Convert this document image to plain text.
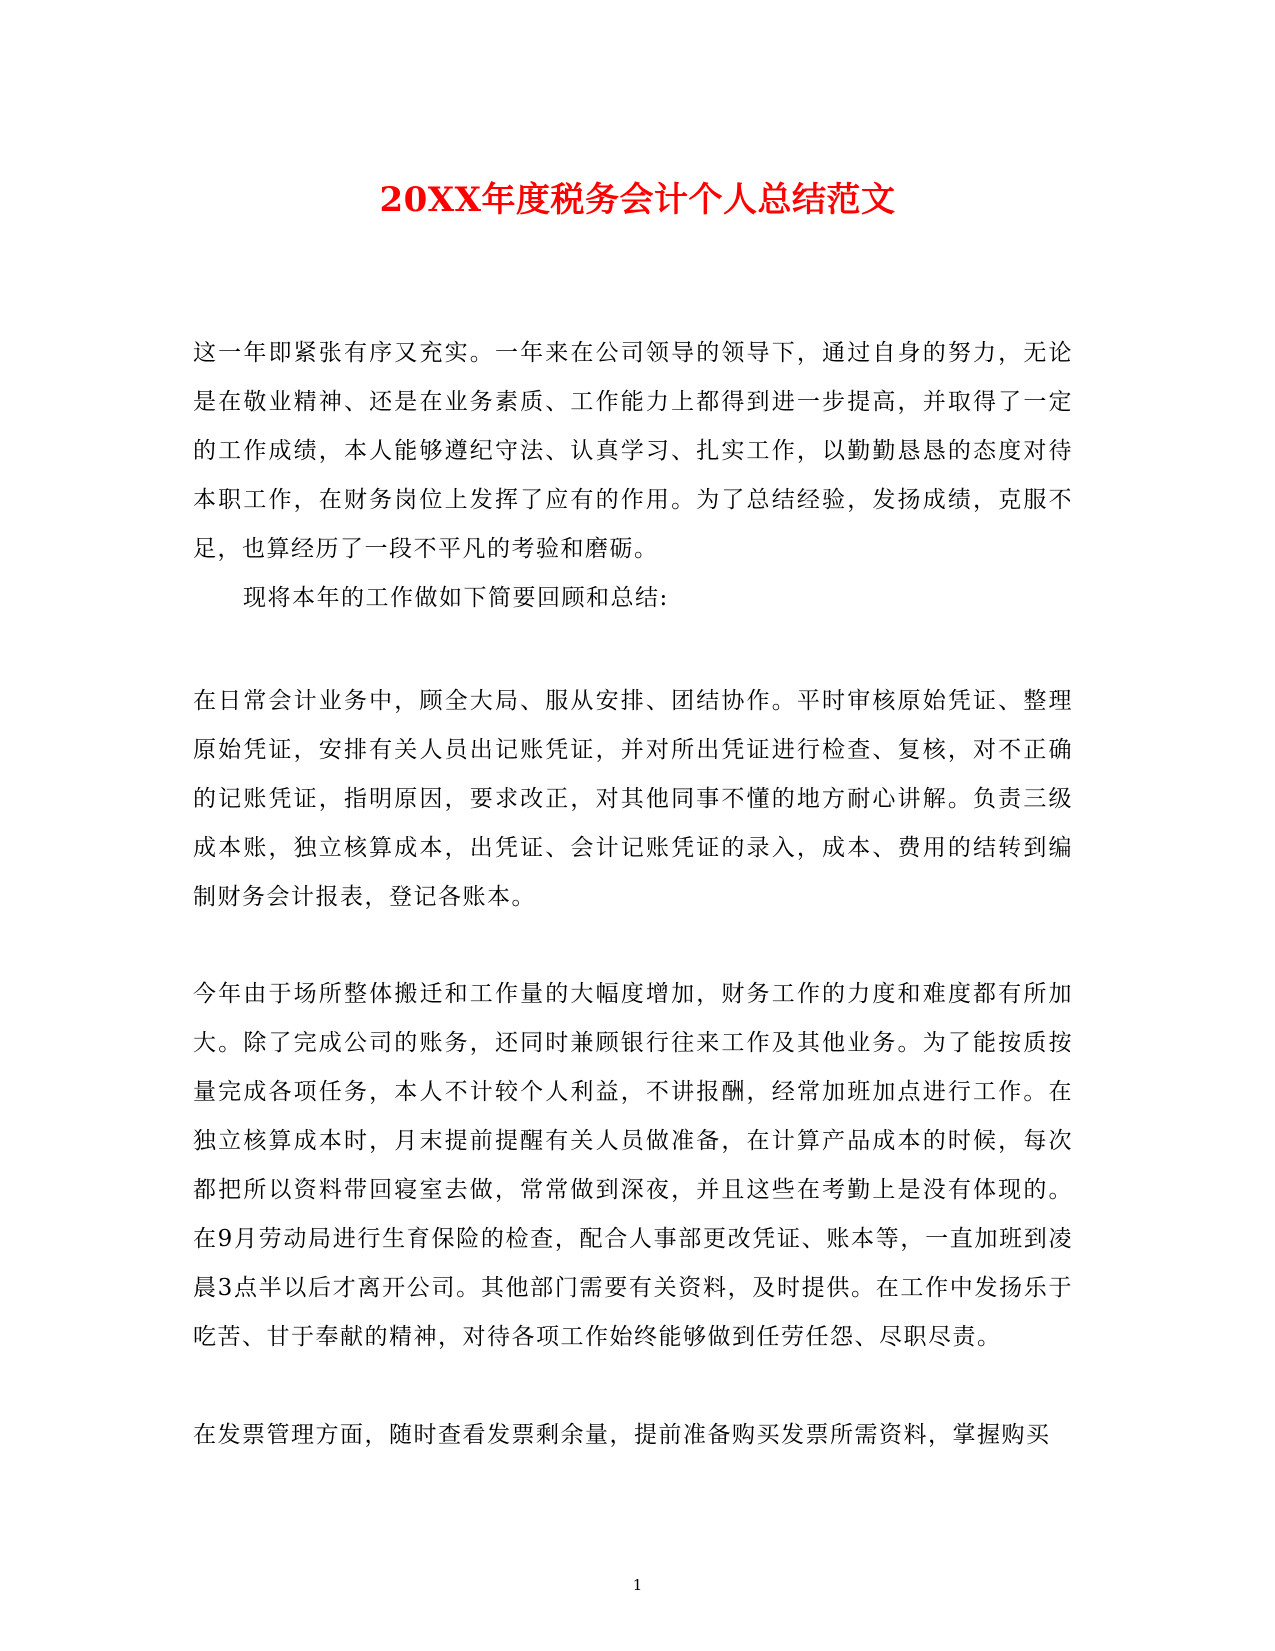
20XX年度税务会计个人总结范文

这一年即紧张有序又充实。一年来在公司领导的领导下，通过自身的努力，无论是在敬业精神、还是在业务素质、工作能力上都得到进一步提高，并取得了一定的工作成绩，本人能够遵纪守法、认真学习、扎实工作，以勤勤恳恳的态度对待本职工作，在财务岗位上发挥了应有的作用。为了总结经验，发扬成绩，克服不足，也算经历了一段不平凡的考验和磨砺。

现将本年的工作做如下简要回顾和总结:

在日常会计业务中，顾全大局、服从安排、团结协作。平时审核原始凭证、整理原始凭证，安排有关人员出记账凭证，并对所出凭证进行检查、复核，对不正确的记账凭证，指明原因，要求改正，对其他同事不懂的地方耐心讲解。负责三级成本账，独立核算成本，出凭证、会计记账凭证的录入，成本、费用的结转到编制财务会计报表，登记各账本。

今年由于场所整体搬迁和工作量的大幅度增加，财务工作的力度和难度都有所加大。除了完成公司的账务，还同时兼顾银行往来工作及其他业务。为了能按质按量完成各项任务，本人不计较个人利益，不讲报酬，经常加班加点进行工作。在独立核算成本时，月末提前提醒有关人员做准备，在计算产品成本的时候，每次都把所以资料带回寝室去做，常常做到深夜，并且这些在考勤上是没有体现的。在9月劳动局进行生育保险的检查，配合人事部更改凭证、账本等，一直加班到凌晨3点半以后才离开公司。其他部门需要有关资料，及时提供。在工作中发扬乐于吃苦、甘于奉献的精神，对待各项工作始终能够做到任劳任怨、尽职尽责。

在发票管理方面，随时查看发票剩余量，提前准备购买发票所需资料，掌握购买

1
